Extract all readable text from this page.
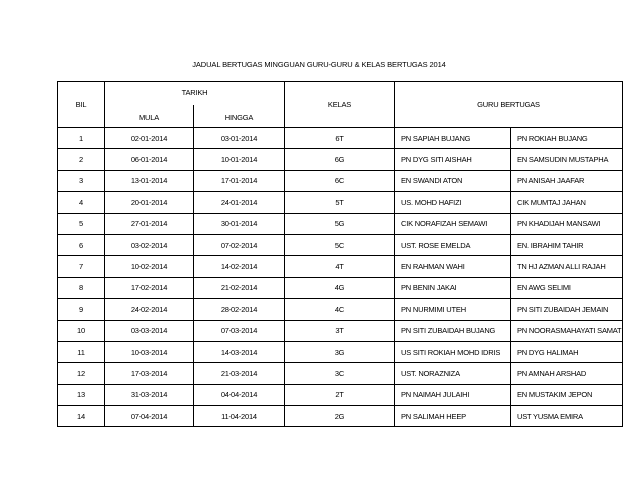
JADUAL BERTUGAS MINGGUAN GURU-GURU & KELAS BERTUGAS 2014
BIL	TARIKH		KELAS	GURU BERTUGAS	
	MULA	HINGGA			
1	02-01-2014	03-01-2014	6T	PN SAPIAH BUJANG	PN ROKIAH BUJANG
2	06-01-2014	10-01-2014	6G	PN DYG SITI AISHAH	EN SAMSUDIN MUSTAPHA
3	13-01-2014	17-01-2014	6C	EN SWANDI ATON	PN ANISAH JAAFAR
4	20-01-2014	24-01-2014	5T	US. MOHD HAFIZI	CIK MUMTAJ JAHAN
5	27-01-2014	30-01-2014	5G	CIK NORAFIZAH SEMAWI	PN KHADIJAH MANSAWI
6	03-02-2014	07-02-2014	5C	UST. ROSE EMELDA	EN. IBRAHIM TAHIR
7	10-02-2014	14-02-2014	4T	EN RAHMAN WAHI	TN HJ AZMAN ALLI RAJAH
8	17-02-2014	21-02-2014	4G	PN BENIN JAKAI	EN AWG SELIMI
9	24-02-2014	28-02-2014	4C	PN NURMIMI UTEH	PN SITI ZUBAIDAH JEMAIN
10	03-03-2014	07-03-2014	3T	PN SITI ZUBAIDAH BUJANG	PN NOORASMAHAYATI SAMAT
11	10-03-2014	14-03-2014	3G	US SITI ROKIAH MOHD IDRIS	PN DYG HALIMAH
12	17-03-2014	21-03-2014	3C	UST. NORAZNIZA	PN AMNAH ARSHAD
13	31-03-2014	04-04-2014	2T	PN NAIMAH JULAIHI	EN MUSTAKIM JEPON
14	07-04-2014	11-04-2014	2G	PN SALIMAH HEEP	UST YUSMA EMIRA
